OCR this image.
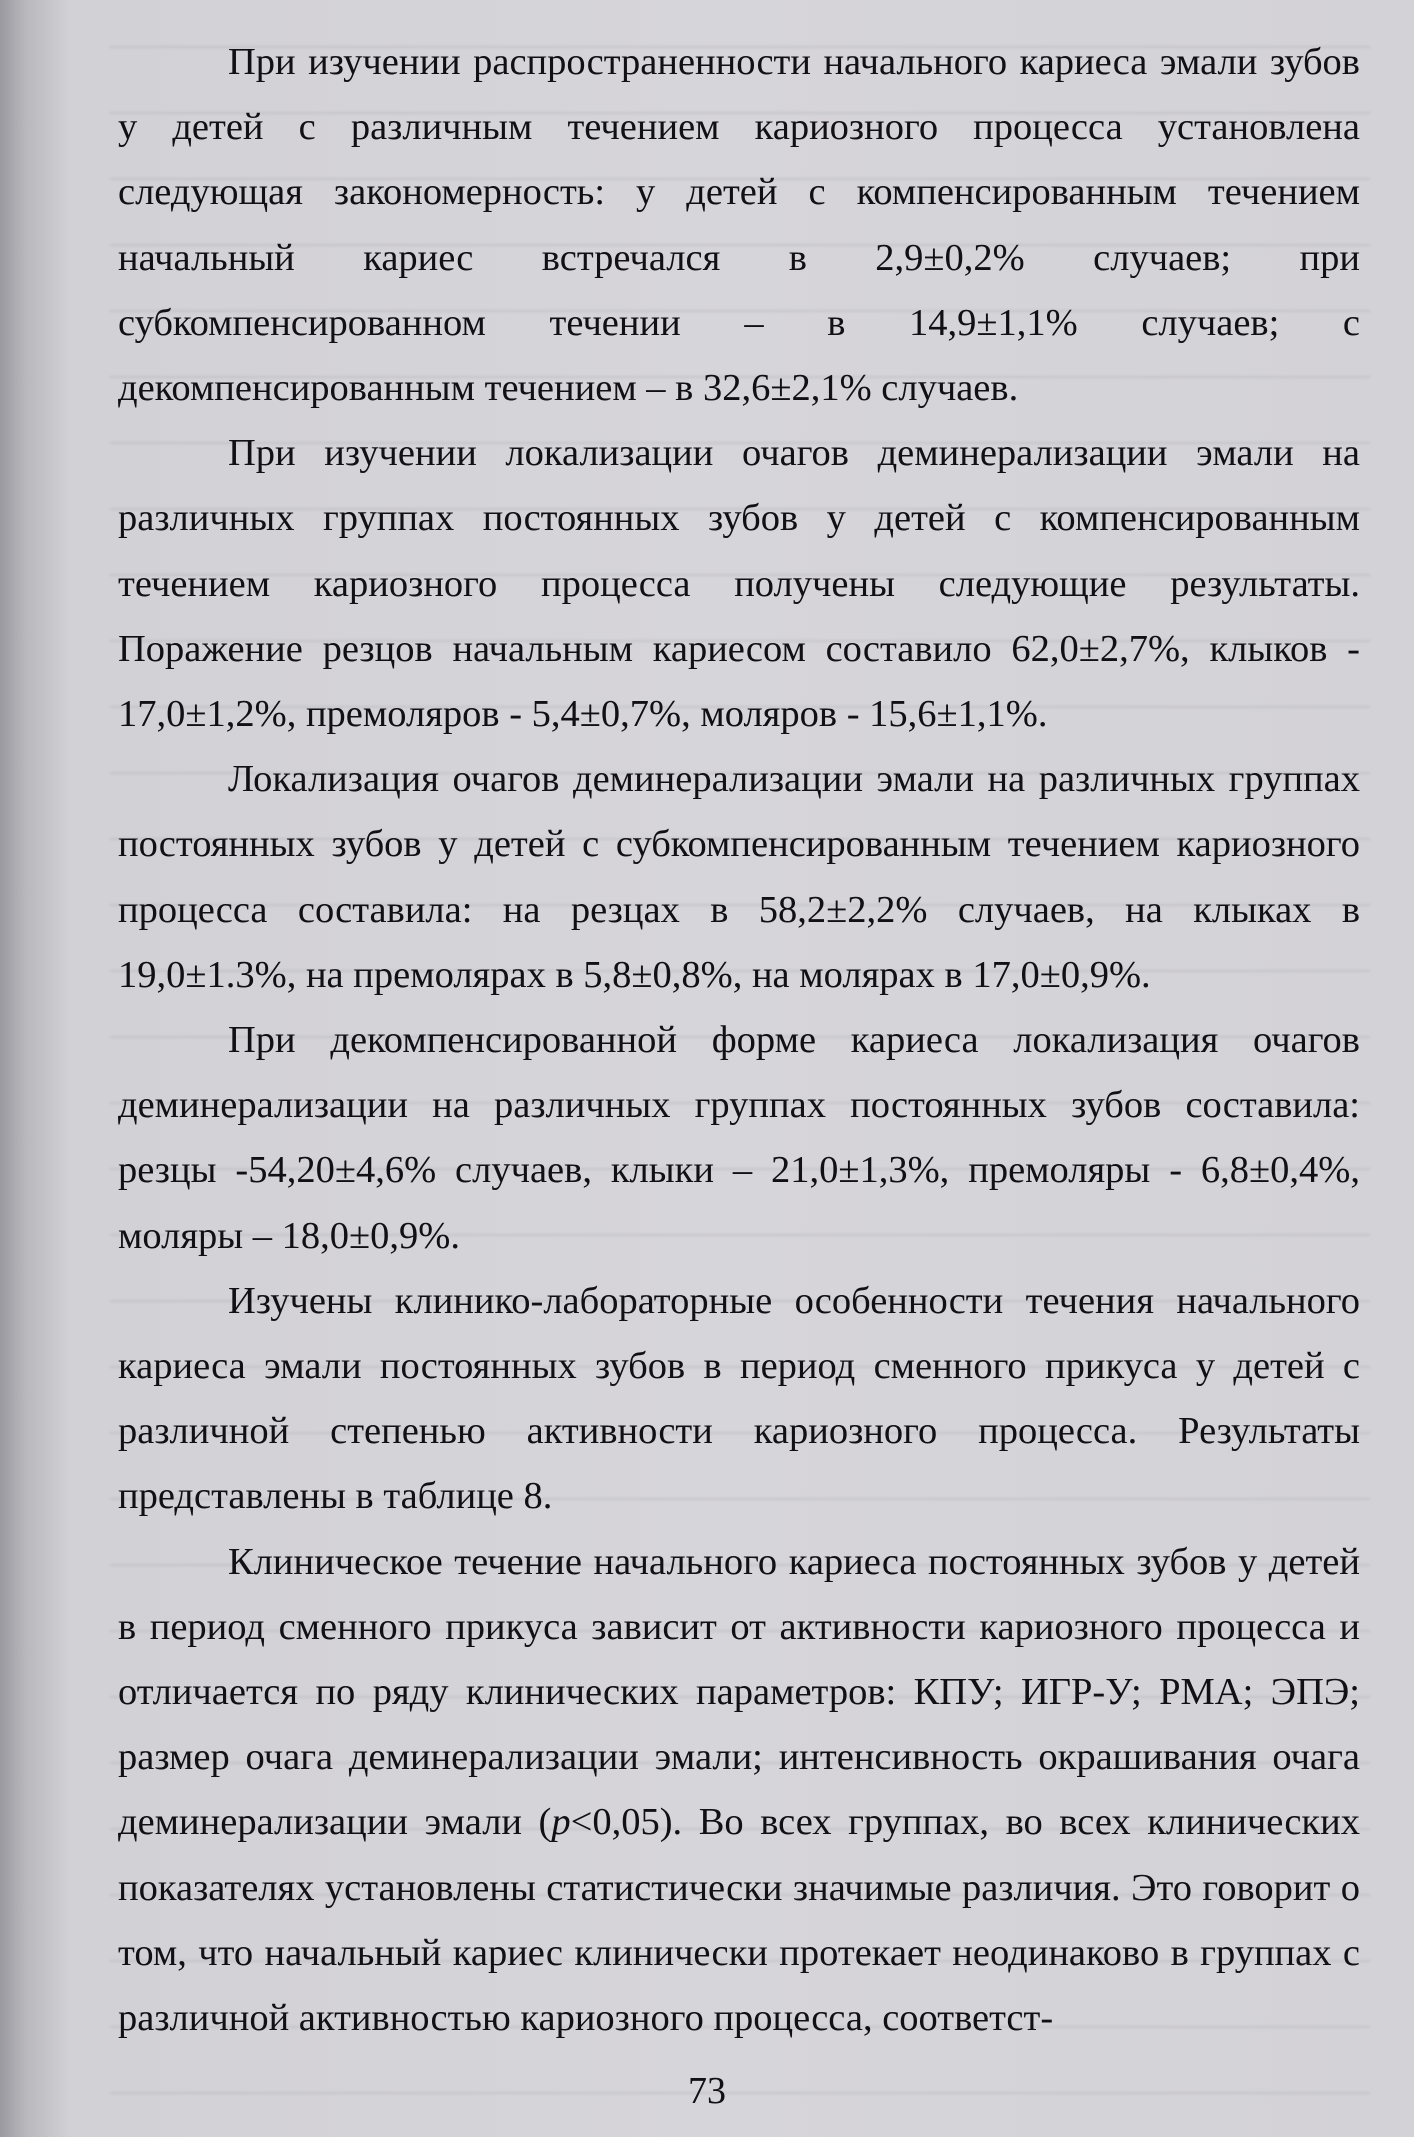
При изучении распространенности начального кариеса эмали зубов у детей с различным течением кариозного процесса установлена следующая закономерность: у детей с компенсированным течением начальный кариес встречался в 2,9±0,2% случаев; при субкомпенсированном течении – в 14,9±1,1% случаев; с декомпенсированным течением – в 32,6±2,1% случаев.

При изучении локализации очагов деминерализации эмали на различных группах постоянных зубов у детей с компенсированным течением кариозного процесса получены следующие результаты. Поражение резцов начальным кариесом составило 62,0±2,7%, клыков - 17,0±1,2%, премоляров - 5,4±0,7%, моляров - 15,6±1,1%.

Локализация очагов деминерализации эмали на различных группах постоянных зубов у детей с субкомпенсированным течением кариозного процесса составила: на резцах в 58,2±2,2% случаев, на клыках в 19,0±1.3%, на премолярах в 5,8±0,8%, на молярах в 17,0±0,9%.

При декомпенсированной форме кариеса локализация очагов деминерализации на различных группах постоянных зубов составила: резцы -54,20±4,6% случаев, клыки – 21,0±1,3%, премоляры - 6,8±0,4%, моляры – 18,0±0,9%.

Изучены клинико-лабораторные особенности течения начального кариеса эмали постоянных зубов в период сменного прикуса у детей с различной степенью активности кариозного процесса. Результаты представлены в таблице 8.

Клиническое течение начального кариеса постоянных зубов у детей в период сменного прикуса зависит от активности кариозного процесса и отличается по ряду клинических параметров: КПУ; ИГР-У; РМА; ЭПЭ; размер очага деминерализации эмали; интенсивность окрашивания очага деминерализации эмали (p<0,05). Во всех группах, во всех клинических показателях установлены статистически значимые различия. Это говорит о том, что начальный кариес клинически протекает неодинаково в группах с различной активностью кариозного процесса, соответст-

73
